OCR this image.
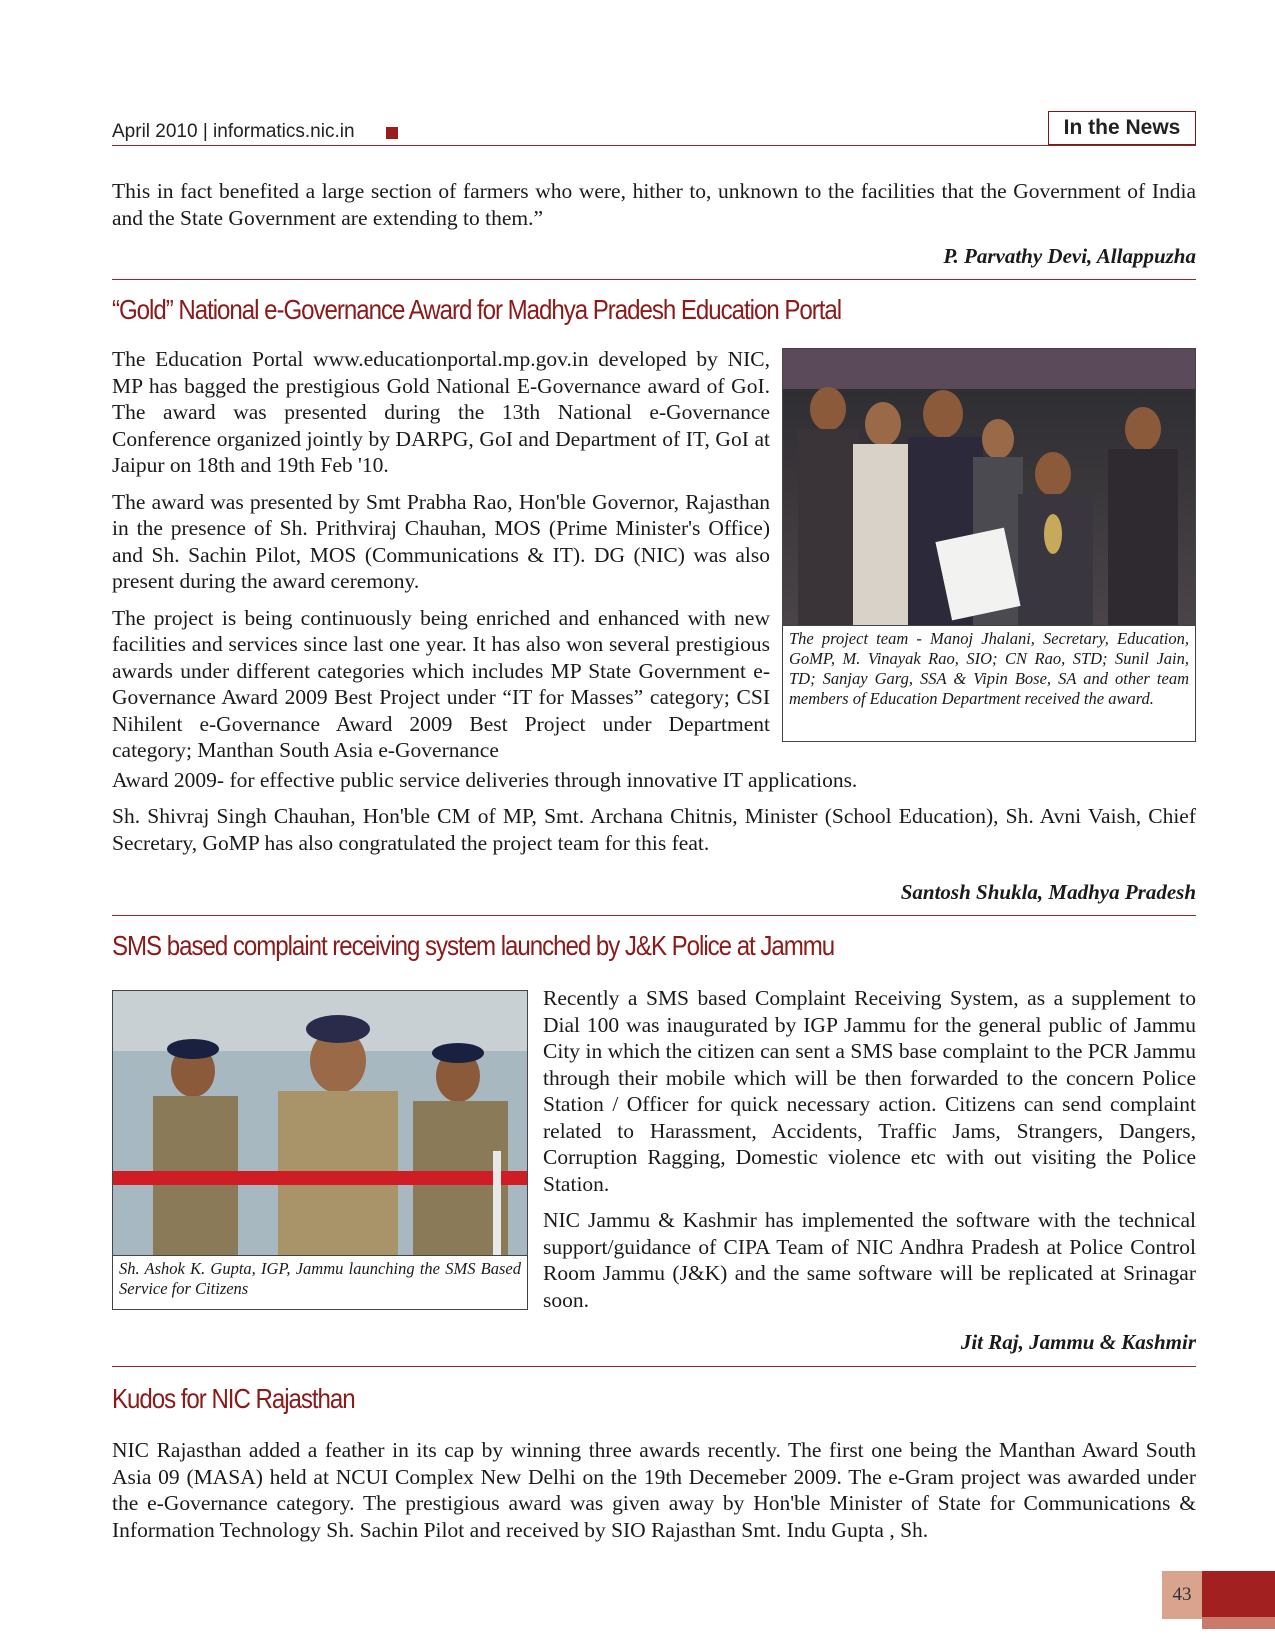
April 2010 | informatics.nic.in	In the News
This in fact benefited a large section of farmers who were, hither to, unknown to the facilities that the Government of India and the State Government are extending to them.”
P. Parvathy Devi, Allappuzha
“Gold” National e-Governance Award for Madhya Pradesh Education Portal

The Education Portal www.educationportal.mp.gov.in developed by NIC, MP has bagged the prestigious Gold National E-Governance award of GoI. The award was presented during the 13th National e-Governance Conference organized jointly by DARPG, GoI and Department of IT, GoI at Jaipur on 18th and 19th Feb '10.

The award was presented by Smt Prabha Rao, Hon'ble Governor, Rajasthan in the presence of Sh. Prithviraj Chauhan, MOS (Prime Minister's Office) and Sh. Sachin Pilot, MOS (Communications & IT). DG (NIC) was also present during the award ceremony.

The project is being continuously being enriched and enhanced with new facilities and services since last one year. It has also won several prestigious awards under different categories which includes MP State Government e-Governance Award 2009 Best Project under “IT for Masses” category; CSI Nihilent e-Governance Award 2009 Best Project under Department category; Manthan South Asia e-Governance

Award 2009- for effective public service deliveries through innovative IT applications.
Sh. Shivraj Singh Chauhan, Hon'ble CM of MP, Smt. Archana Chitnis, Minister (School Education), Sh. Avni Vaish, Chief Secretary, GoMP has also congratulated the project team for this feat.
The project team - Manoj Jhalani, Secretary, Education, GoMP, M. Vinayak Rao, SIO; CN Rao, STD; Sunil Jain, TD; Sanjay Garg, SSA & Vipin Bose, SA and other team members of Education Department received the award.
Santosh Shukla, Madhya Pradesh
SMS based complaint receiving system launched by J&K Police at Jammu
Sh. Ashok K. Gupta, IGP, Jammu launching the SMS Based Service for Citizens

Recently a SMS based Complaint Receiving System, as a supplement to Dial 100 was inaugurated by IGP Jammu for the general public of Jammu City in which the citizen can sent a SMS base complaint to the PCR Jammu through their mobile which will be then forwarded to the concern Police Station / Officer for quick necessary action. Citizens can send complaint related to Harassment, Accidents, Traffic Jams, Strangers, Dangers, Corruption Ragging, Domestic violence etc with out visiting the Police Station.

NIC Jammu & Kashmir has implemented the software with the technical support/guidance of CIPA Team of NIC Andhra Pradesh at Police Control Room Jammu (J&K) and the same software will be replicated at Srinagar soon.

Jit Raj, Jammu & Kashmir
Kudos for NIC Rajasthan
NIC Rajasthan added a feather in its cap by winning three awards recently. The first one being the Manthan Award South Asia 09 (MASA) held at NCUI Complex New Delhi on the 19th Decemeber 2009. The e-Gram project was awarded under the e-Governance category. The prestigious award was given away by Hon'ble Minister of State for Communications & Information Technology Sh. Sachin Pilot and received by SIO Rajasthan Smt. Indu Gupta , Sh.
43
